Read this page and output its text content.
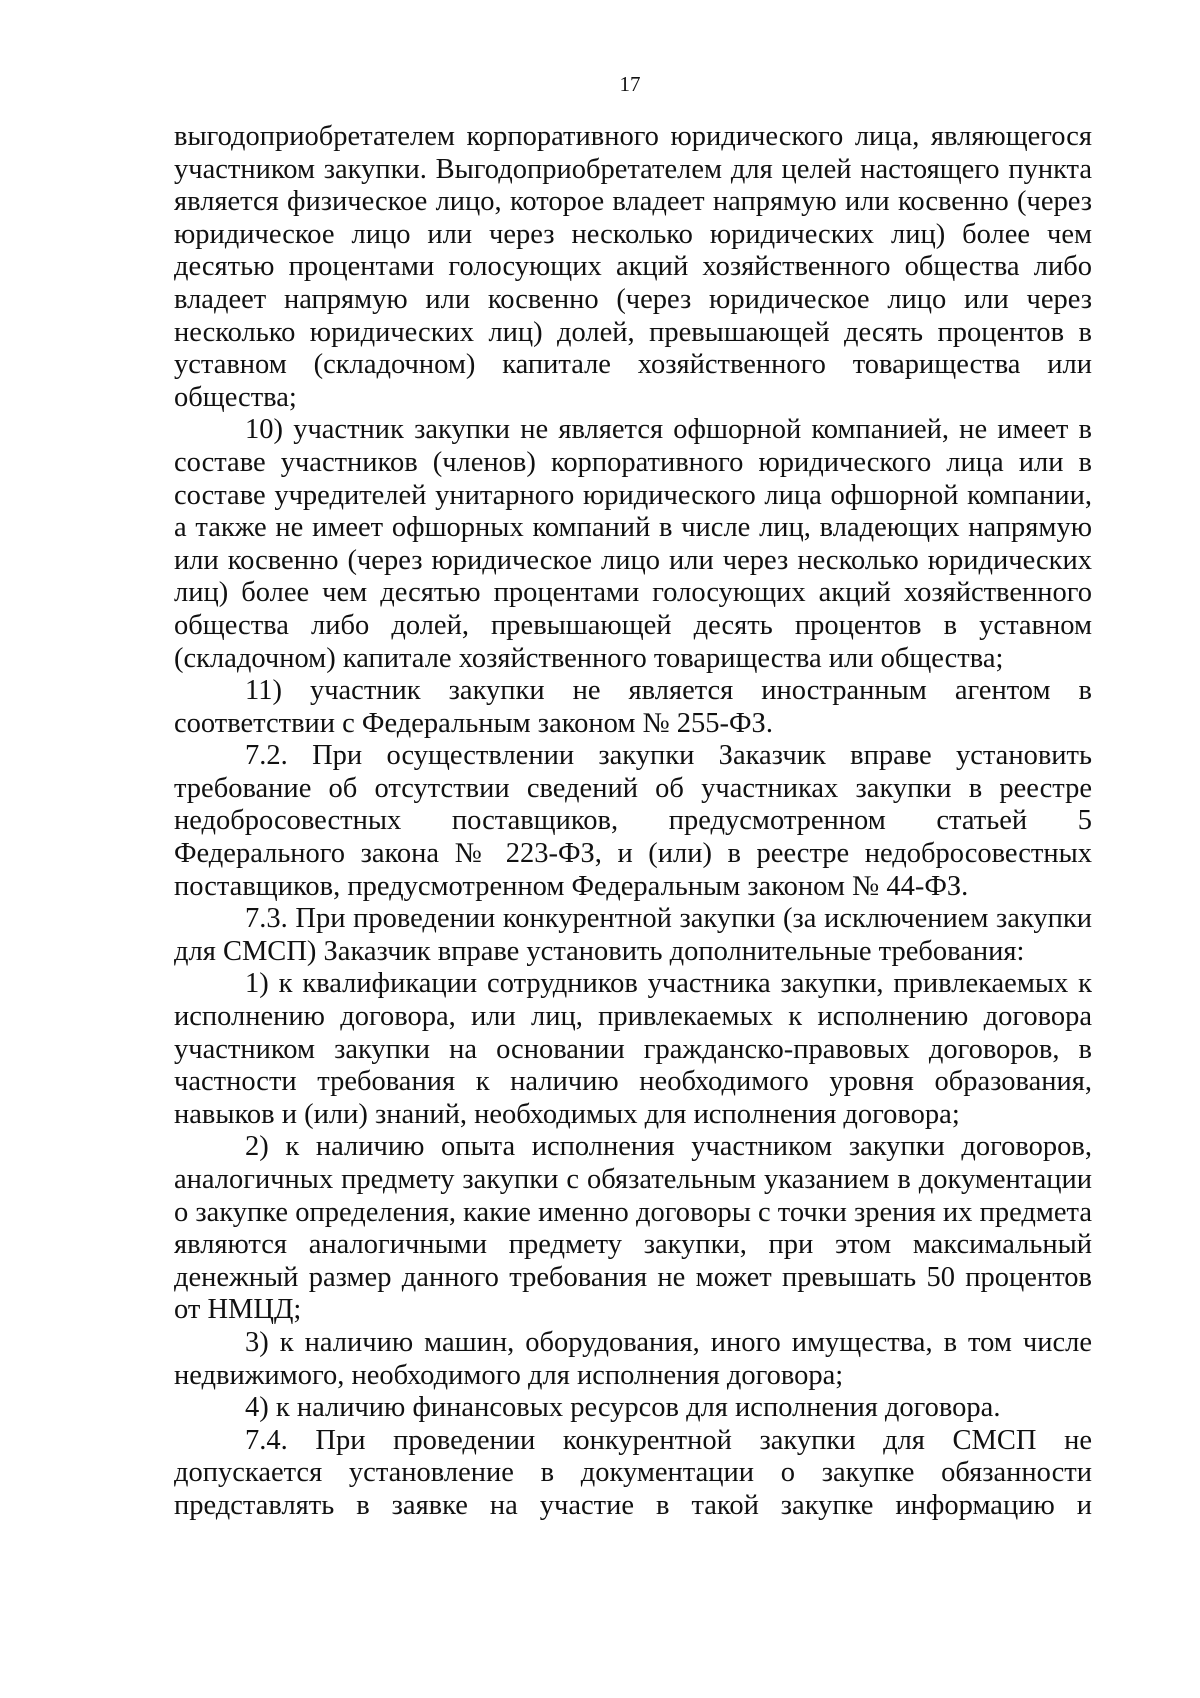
17

выгодоприобретателем корпоративного юридического лица, являющегося участником закупки. Выгодоприобретателем для целей настоящего пункта является физическое лицо, которое владеет напрямую или косвенно (через юридическое лицо или через несколько юридических лиц) более чем десятью процентами голосующих акций хозяйственного общества либо владеет напрямую или косвенно (через юридическое лицо или через несколько юридических лиц) долей, превышающей десять процентов в уставном (складочном) капитале хозяйственного товарищества или общества;

10) участник закупки не является офшорной компанией, не имеет в составе участников (членов) корпоративного юридического лица или в составе учредителей унитарного юридического лица офшорной компании, а также не имеет офшорных компаний в числе лиц, владеющих напрямую или косвенно (через юридическое лицо или через несколько юридических лиц) более чем десятью процентами голосующих акций хозяйственного общества либо долей, превышающей десять процентов в уставном (складочном) капитале хозяйственного товарищества или общества;

11) участник закупки не является иностранным агентом в соответствии с Федеральным законом № 255-ФЗ.

7.2. При осуществлении закупки Заказчик вправе установить требование об отсутствии сведений об участниках закупки в реестре недобросовестных поставщиков, предусмотренном статьей 5 Федерального закона № 223-ФЗ, и (или) в реестре недобросовестных поставщиков, предусмотренном Федеральным законом № 44-ФЗ.

7.3. При проведении конкурентной закупки (за исключением закупки для СМСП) Заказчик вправе установить дополнительные требования:

1) к квалификации сотрудников участника закупки, привлекаемых к исполнению договора, или лиц, привлекаемых к исполнению договора участником закупки на основании гражданско-правовых договоров, в частности требования к наличию необходимого уровня образования, навыков и (или) знаний, необходимых для исполнения договора;

2) к наличию опыта исполнения участником закупки договоров, аналогичных предмету закупки с обязательным указанием в документации о закупке определения, какие именно договоры с точки зрения их предмета являются аналогичными предмету закупки, при этом максимальный денежный размер данного требования не может превышать 50 процентов от НМЦД;

3) к наличию машин, оборудования, иного имущества, в том числе недвижимого, необходимого для исполнения договора;

4) к наличию финансовых ресурсов для исполнения договора.

7.4. При проведении конкурентной закупки для СМСП не допускается установление в документации о закупке обязанности представлять в заявке на участие в такой закупке информацию и
